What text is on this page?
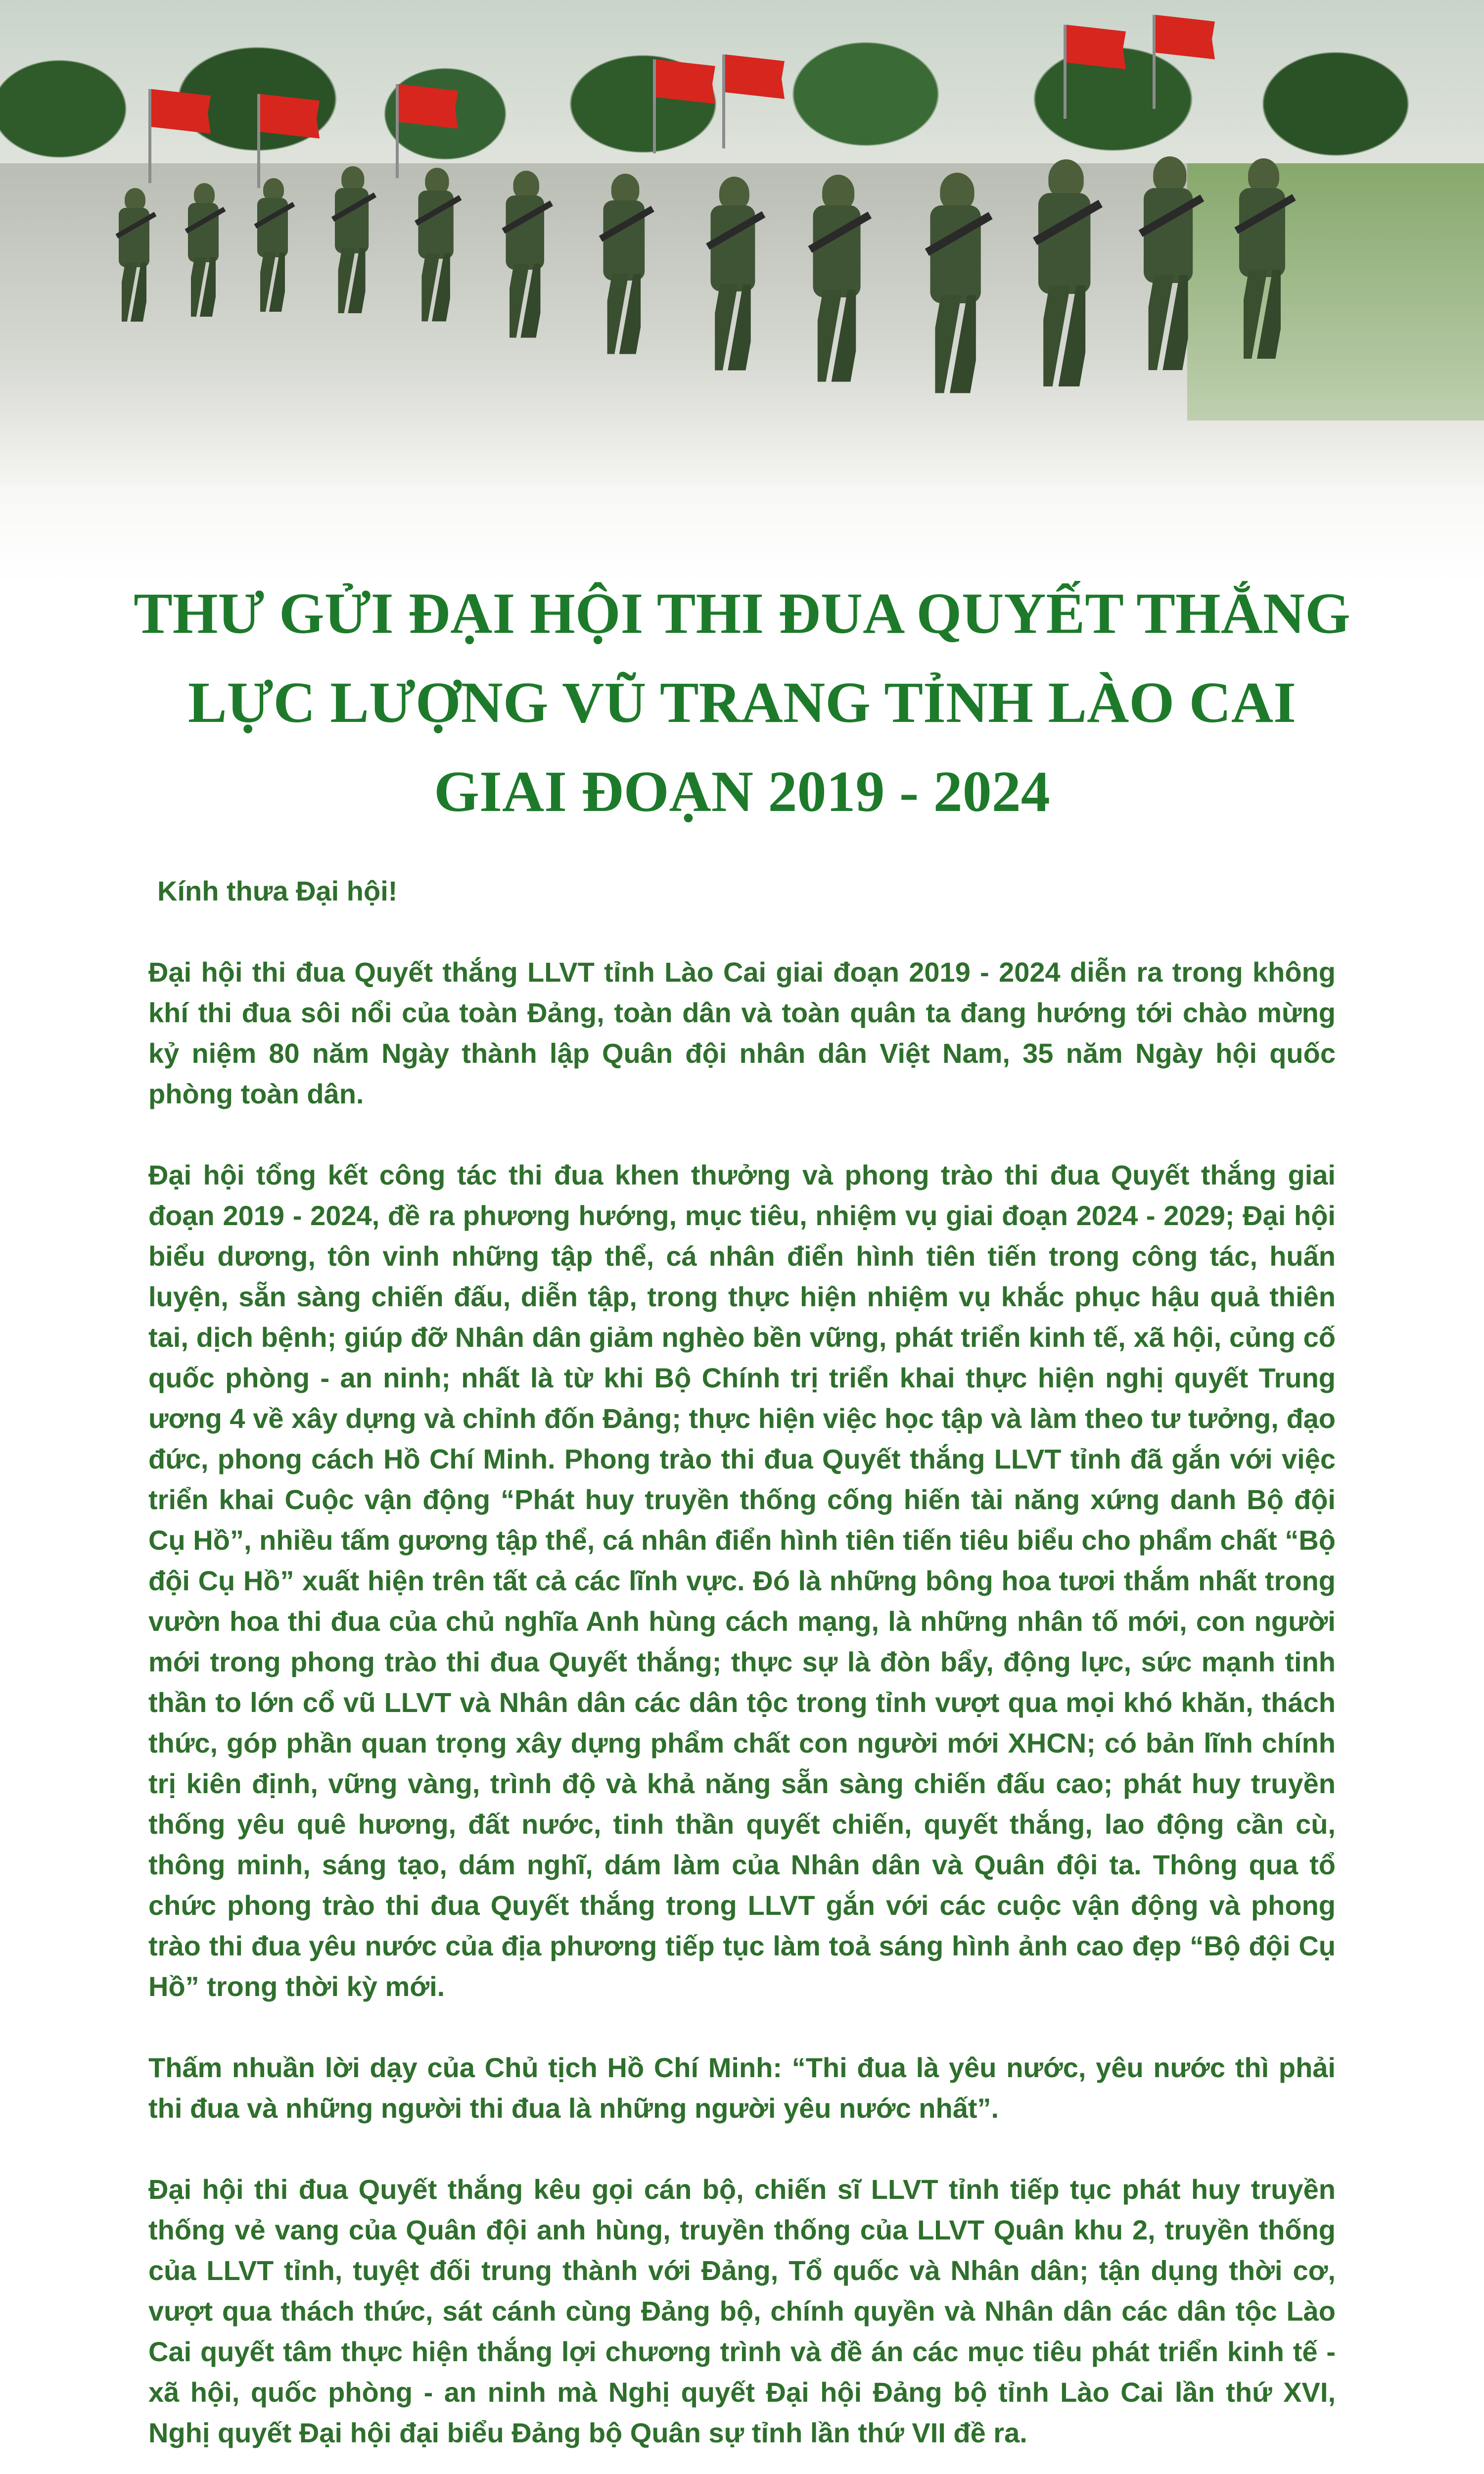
THƯ GỬI ĐẠI HỘI THI ĐUA QUYẾT THẮNG
LỰC LƯỢNG VŨ TRANG TỈNH LÀO CAI
GIAI ĐOẠN 2019 - 2024

Kính thưa Đại hội!

Đại hội thi đua Quyết thắng LLVT tỉnh Lào Cai giai đoạn 2019 - 2024 diễn ra trong không khí thi đua sôi nổi của toàn Đảng, toàn dân và toàn quân ta đang hướng tới chào mừng kỷ niệm 80 năm Ngày thành lập Quân đội nhân dân Việt Nam, 35 năm Ngày hội quốc phòng toàn dân.

Đại hội tổng kết công tác thi đua khen thưởng và phong trào thi đua Quyết thắng giai đoạn 2019 - 2024, đề ra phương hướng, mục tiêu, nhiệm vụ giai đoạn 2024 - 2029; Đại hội biểu dương, tôn vinh những tập thể, cá nhân điển hình tiên tiến trong công tác, huấn luyện, sẵn sàng chiến đấu, diễn tập, trong thực hiện nhiệm vụ khắc phục hậu quả thiên tai, dịch bệnh; giúp đỡ Nhân dân giảm nghèo bền vững, phát triển kinh tế, xã hội, củng cố quốc phòng - an ninh; nhất là từ khi Bộ Chính trị triển khai thực hiện nghị quyết Trung ương 4 về xây dựng và chỉnh đốn Đảng; thực hiện việc học tập và làm theo tư tưởng, đạo đức, phong cách Hồ Chí Minh. Phong trào thi đua Quyết thắng LLVT tỉnh đã gắn với việc triển khai Cuộc vận động “Phát huy truyền thống cống hiến tài năng xứng danh Bộ đội Cụ Hồ”, nhiều tấm gương tập thể, cá nhân điển hình tiên tiến tiêu biểu cho phẩm chất “Bộ đội Cụ Hồ” xuất hiện trên tất cả các lĩnh vực. Đó là những bông hoa tươi thắm nhất trong vườn hoa thi đua của chủ nghĩa Anh hùng cách mạng, là những nhân tố mới, con người mới trong phong trào thi đua Quyết thắng; thực sự là đòn bẩy, động lực, sức mạnh tinh thần to lớn cổ vũ LLVT và Nhân dân các dân tộc trong tỉnh vượt qua mọi khó khăn, thách thức, góp phần quan trọng xây dựng phẩm chất con người mới XHCN; có bản lĩnh chính trị kiên định, vững vàng, trình độ và khả năng sẵn sàng chiến đấu cao; phát huy truyền thống yêu quê hương, đất nước, tinh thần quyết chiến, quyết thắng, lao động cần cù, thông minh, sáng tạo, dám nghĩ, dám làm của Nhân dân và Quân đội ta. Thông qua tổ chức phong trào thi đua Quyết thắng trong LLVT gắn với các cuộc vận động và phong trào thi đua yêu nước của địa phương tiếp tục làm toả sáng hình ảnh cao đẹp “Bộ đội Cụ Hồ” trong thời kỳ mới.

Thấm nhuần lời dạy của Chủ tịch Hồ Chí Minh: “Thi đua là yêu nước, yêu nước thì phải thi đua và những người thi đua là những người yêu nước nhất”.

Đại hội thi đua Quyết thắng kêu gọi cán bộ, chiến sĩ LLVT tỉnh tiếp tục phát huy truyền thống vẻ vang của Quân đội anh hùng, truyền thống của LLVT Quân khu 2, truyền thống của LLVT tỉnh, tuyệt đối trung thành với Đảng, Tổ quốc và Nhân dân; tận dụng thời cơ, vượt qua thách thức, sát cánh cùng Đảng bộ, chính quyền và Nhân dân các dân tộc Lào Cai quyết tâm thực hiện thắng lợi chương trình và đề án các mục tiêu phát triển kinh tế - xã hội, quốc phòng - an ninh mà Nghị quyết Đại hội Đảng bộ tỉnh Lào Cai lần thứ XVI, Nghị quyết Đại hội đại biểu Đảng bộ Quân sự tỉnh lần thứ VII đề ra.
